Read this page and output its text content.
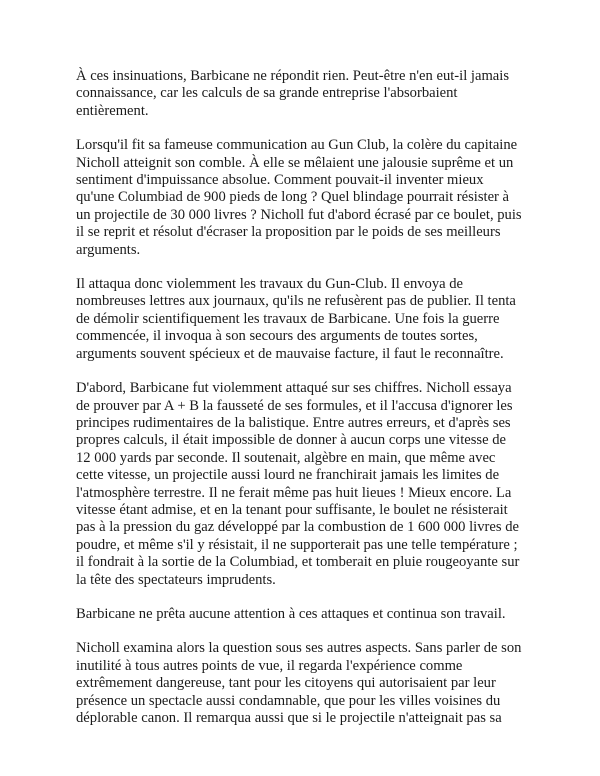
À ces insinuations, Barbicane ne répondit rien. Peut-être n'en eut-il jamais
connaissance, car les calculs de sa grande entreprise l'absorbaient
entièrement.

Lorsqu'il fit sa fameuse communication au Gun Club, la colère du capitaine
Nicholl atteignit son comble. À elle se mêlaient une jalousie suprême et un
sentiment d'impuissance absolue. Comment pouvait-il inventer mieux
qu'une Columbiad de 900 pieds de long ? Quel blindage pourrait résister à
un projectile de 30 000 livres ? Nicholl fut d'abord écrasé par ce boulet, puis
il se reprit et résolut d'écraser la proposition par le poids de ses meilleurs
arguments.

Il attaqua donc violemment les travaux du Gun-Club. Il envoya de
nombreuses lettres aux journaux, qu'ils ne refusèrent pas de publier. Il tenta
de démolir scientifiquement les travaux de Barbicane. Une fois la guerre
commencée, il invoqua à son secours des arguments de toutes sortes,
arguments souvent spécieux et de mauvaise facture, il faut le reconnaître.

D'abord, Barbicane fut violemment attaqué sur ses chiffres. Nicholl essaya
de prouver par A + B la fausseté de ses formules, et il l'accusa d'ignorer les
principes rudimentaires de la balistique. Entre autres erreurs, et d'après ses
propres calculs, il était impossible de donner à aucun corps une vitesse de
12 000 yards par seconde. Il soutenait, algèbre en main, que même avec
cette vitesse, un projectile aussi lourd ne franchirait jamais les limites de
l'atmosphère terrestre. Il ne ferait même pas huit lieues ! Mieux encore. La
vitesse étant admise, et en la tenant pour suffisante, le boulet ne résisterait
pas à la pression du gaz développé par la combustion de 1 600 000 livres de
poudre, et même s'il y résistait, il ne supporterait pas une telle température ;
il fondrait à la sortie de la Columbiad, et tomberait en pluie rougeoyante sur
la tête des spectateurs imprudents.

Barbicane ne prêta aucune attention à ces attaques et continua son travail.

Nicholl examina alors la question sous ses autres aspects. Sans parler de son
inutilité à tous autres points de vue, il regarda l'expérience comme
extrêmement dangereuse, tant pour les citoyens qui autorisaient par leur
présence un spectacle aussi condamnable, que pour les villes voisines du
déplorable canon. Il remarqua aussi que si le projectile n'atteignait pas sa
